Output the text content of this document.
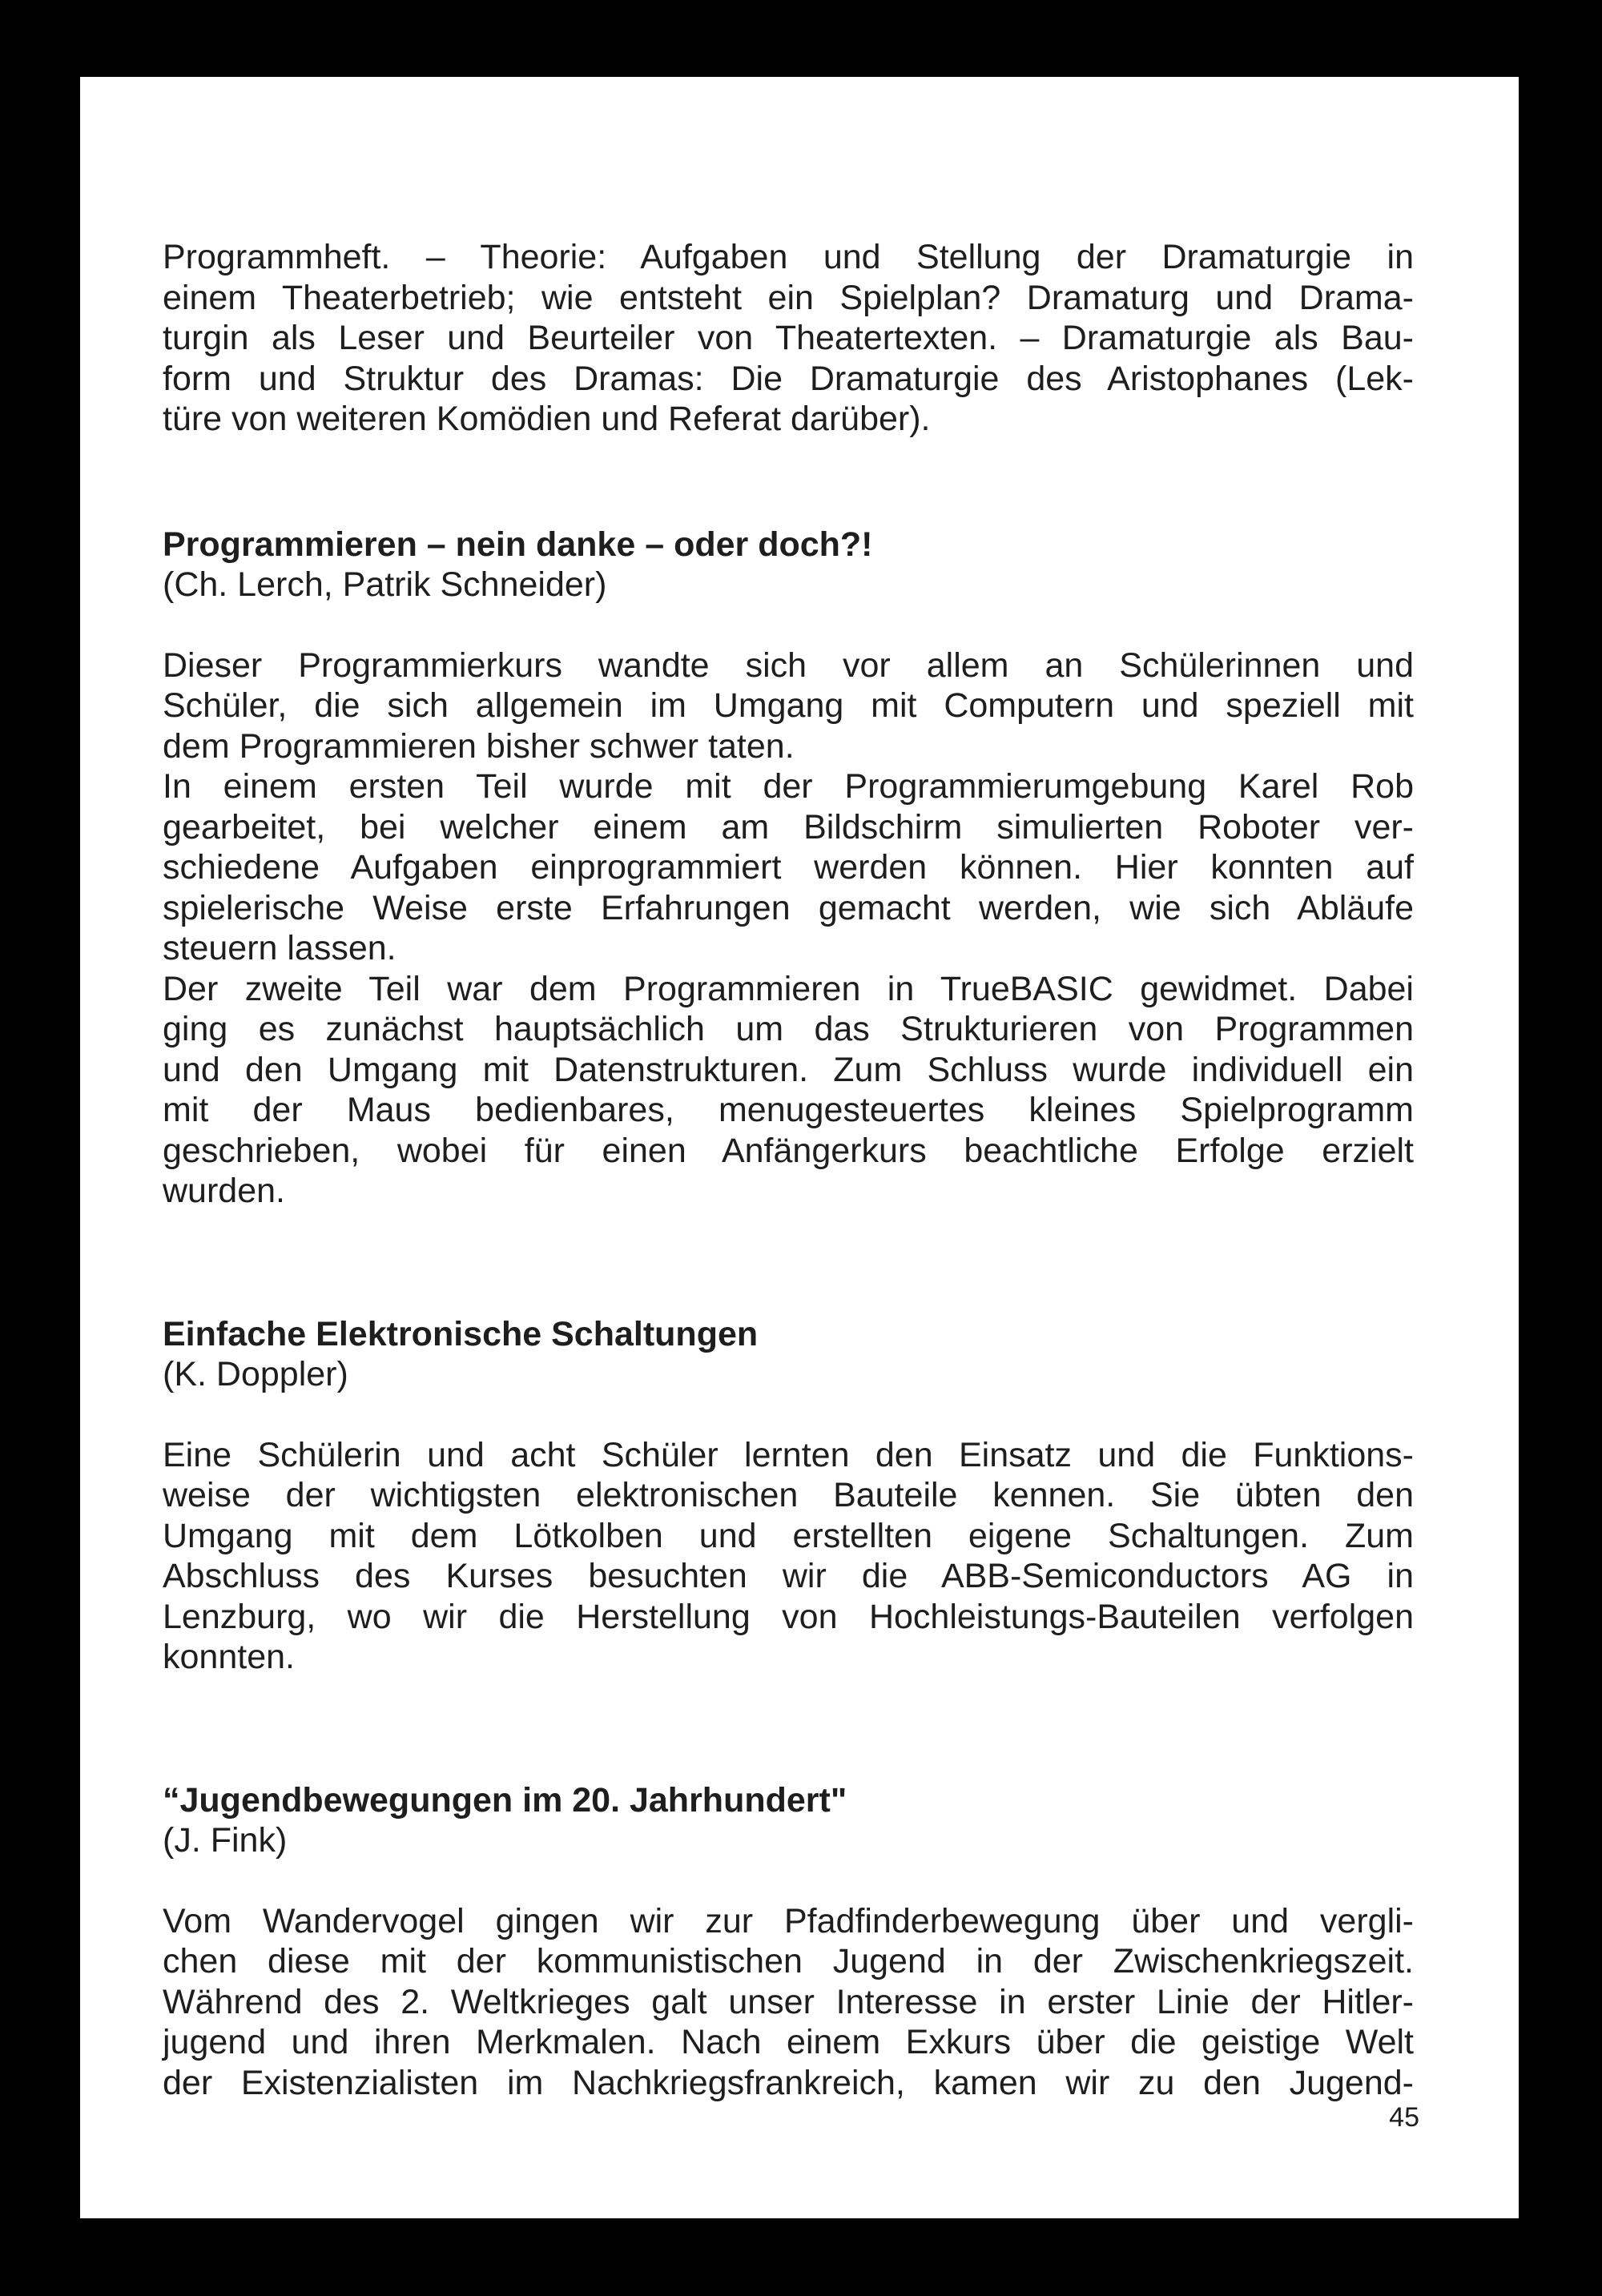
Programmheft. – Theorie: Aufgaben und Stellung der Dramaturgie in
einem Theaterbetrieb; wie entsteht ein Spielplan? Dramaturg und Drama-
turgin als Leser und Beurteiler von Theatertexten. – Dramaturgie als Bau-
form und Struktur des Dramas: Die Dramaturgie des Aristophanes (Lek-
türe von weiteren Komödien und Referat darüber).

Programmieren – nein danke – oder doch?!

(Ch. Lerch, Patrik Schneider)

Dieser Programmierkurs wandte sich vor allem an Schülerinnen und
Schüler, die sich allgemein im Umgang mit Computern und speziell mit
dem Programmieren bisher schwer taten.
In einem ersten Teil wurde mit der Programmierumgebung Karel Rob
gearbeitet, bei welcher einem am Bildschirm simulierten Roboter ver-
schiedene Aufgaben einprogrammiert werden können. Hier konnten auf
spielerische Weise erste Erfahrungen gemacht werden, wie sich Abläufe
steuern lassen.
Der zweite Teil war dem Programmieren in TrueBASIC gewidmet. Dabei
ging es zunächst hauptsächlich um das Strukturieren von Programmen
und den Umgang mit Datenstrukturen. Zum Schluss wurde individuell ein
mit der Maus bedienbares, menugesteuertes kleines Spielprogramm
geschrieben, wobei für einen Anfängerkurs beachtliche Erfolge erzielt
wurden.

Einfache Elektronische Schaltungen

(K. Doppler)

Eine Schülerin und acht Schüler lernten den Einsatz und die Funktions-
weise der wichtigsten elektronischen Bauteile kennen. Sie übten den
Umgang mit dem Lötkolben und erstellten eigene Schaltungen. Zum
Abschluss des Kurses besuchten wir die ABB-Semiconductors AG in
Lenzburg, wo wir die Herstellung von Hochleistungs-Bauteilen verfolgen
konnten.

“Jugendbewegungen im 20. Jahrhundert"

(J. Fink)

Vom Wandervogel gingen wir zur Pfadfinderbewegung über und vergli-
chen diese mit der kommunistischen Jugend in der Zwischenkriegszeit.
Während des 2. Weltkrieges galt unser Interesse in erster Linie der Hitler-
jugend und ihren Merkmalen. Nach einem Exkurs über die geistige Welt
der Existenzialisten im Nachkriegsfrankreich, kamen wir zu den Jugend-

45
